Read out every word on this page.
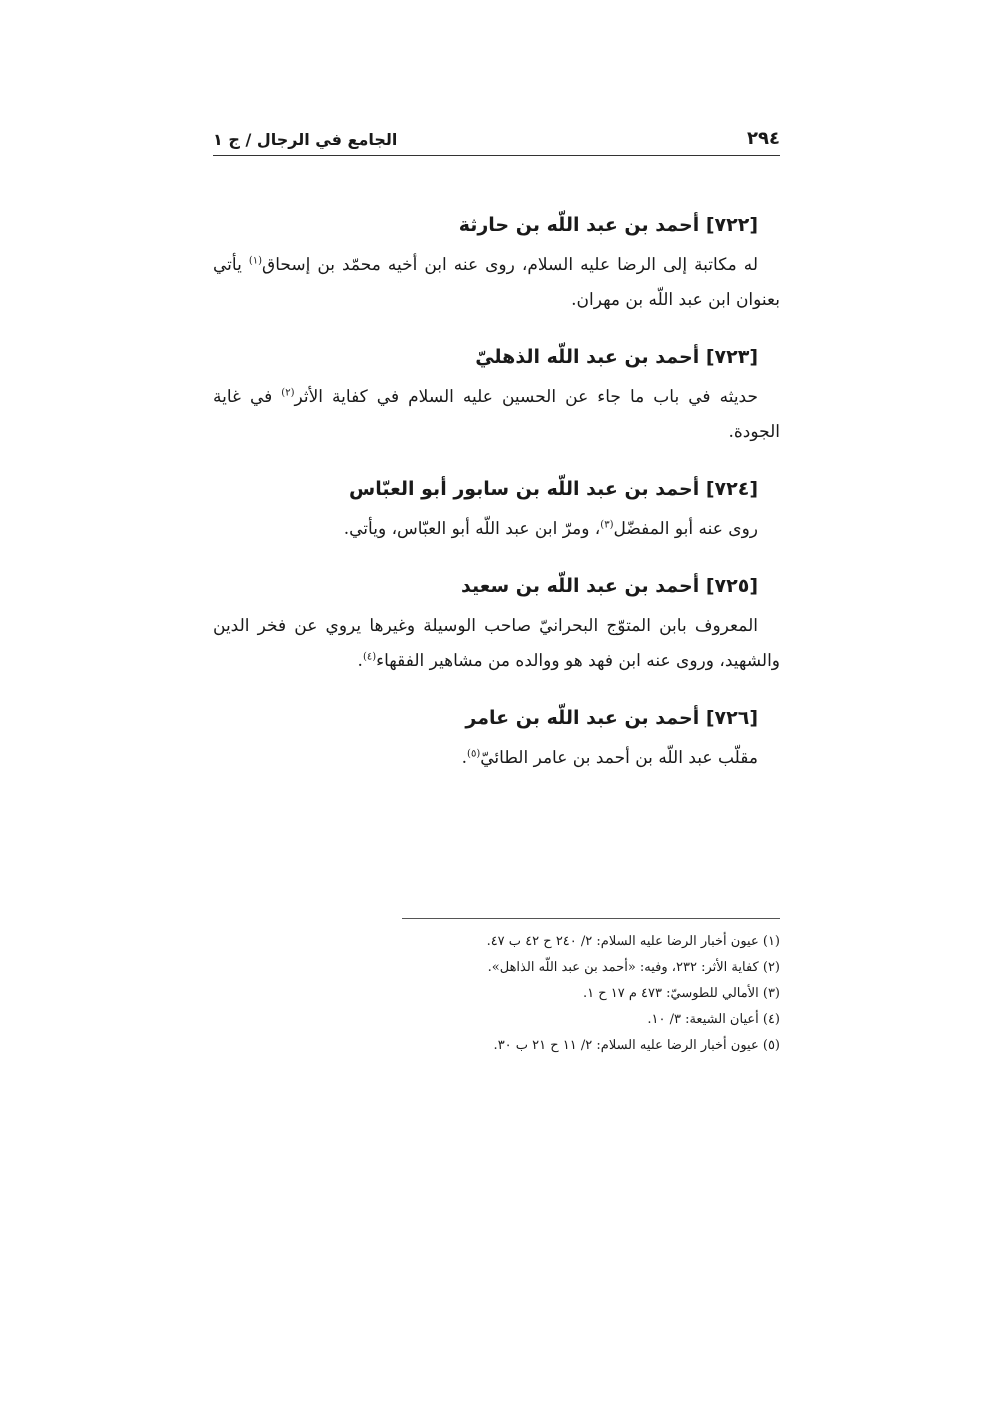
٢٩٤
الجامع في الرجال / ج ١
[٧٢٢] أحمد بن عبد اللّه بن حارثة

له مكاتبة إلى الرضا عليه السلام، روى عنه ابن أخيه محمّد بن إسحاق$^{(١)}$ يأتي بعنوان ابن عبد اللّه بن مهران.

[٧٢٣] أحمد بن عبد اللّه الذهليّ

حديثه في باب ما جاء عن الحسين عليه السلام في كفاية الأثر$^{(٢)}$ في غاية الجودة.

[٧٢٤] أحمد بن عبد اللّه بن سابور أبو العبّاس

روى عنه أبو المفضّل$^{(٣)}$، ومرّ ابن عبد اللّه أبو العبّاس، ويأتي.

[٧٢٥] أحمد بن عبد اللّه بن سعيد

المعروف بابن المتوّج البحرانيّ صاحب الوسيلة وغيرها يروي عن فخر الدين والشهيد، وروى عنه ابن فهد هو ووالده من مشاهير الفقهاء$^{(٤)}$.

[٧٢٦] أحمد بن عبد اللّه بن عامر

مقلّب عبد اللّه بن أحمد بن عامر الطائيّ$^{(٥)}$.

(١) عيون أخبار الرضا عليه السلام: ٢/ ٢٤٠ ح ٤٢ ب ٤٧.

(٢) كفاية الأثر: ٢٣٢، وفيه: «أحمد بن عبد اللّه الذاهل».

(٣) الأمالي للطوسيّ: ٤٧٣ م ١٧ ح ١.

(٤) أعيان الشيعة: ٣/ ١٠.

(٥) عيون أخبار الرضا عليه السلام: ٢/ ١١ ح ٢١ ب ٣٠.
